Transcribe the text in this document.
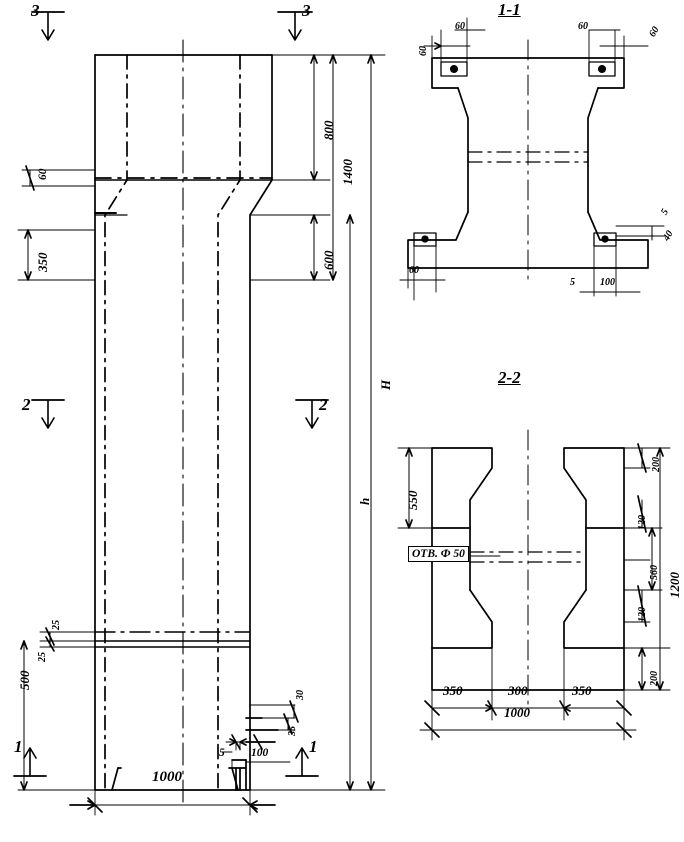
1-1
2-2
3	3
2	2
1	1
60
800
1400
600
350
H
h
25
25
500
30
35
5 100
1000
60
60
60	60
60
5
40
5	100
550
200
120
560
120
200
1200
350	300	350
1000
ОТВ. Ф 50
